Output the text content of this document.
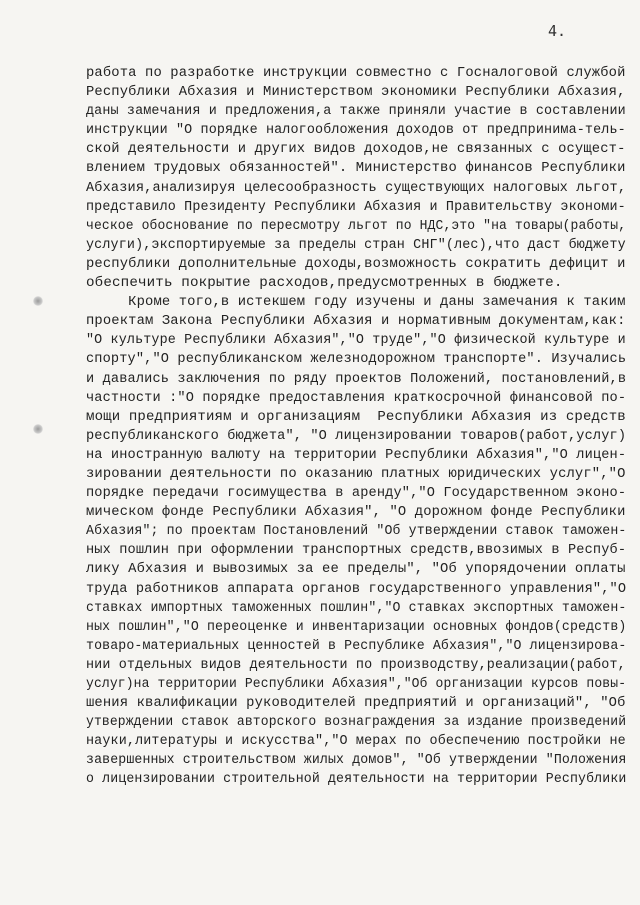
4.
работа по разработке инструкции совместно с Госналоговой службой
Республики Абхазия и Министерством экономики Республики Абхазия,
даны замечания и предложения,а также приняли участие в составлении
инструкции "О порядке налогообложения доходов от предпринима-тель-
ской деятельности и других видов доходов,не связанных с осущест-
влением трудовых обязанностей". Министерство финансов Республики
Абхазия,анализируя целесообразность существующих налоговых льгот,
представило Президенту Республики Абхазия и Правительству экономи-
ческое обоснование по пересмотру льгот по НДС,это "на товары(работы,
услуги),экспортируемые за пределы стран СНГ"(лес),что даст бюджету
республики дополнительные доходы,возможность сократить дефицит и
обеспечить покрытие расходов,предусмотренных в бюджете.
Кроме того,в истекшем году изучены и даны замечания к таким
проектам Закона Республики Абхазия и нормативным документам,как:
"О культуре Республики Абхазия","О труде","О физической культуре и
спорту","О республиканском железнодорожном транспорте". Изучались
и давались заключения по ряду проектов Положений, постановлений,в
частности :"О порядке предоставления краткосрочной финансовой по-
мощи предприятиям и организациям  Республики Абхазия из средств
республиканского бюджета", "О лицензировании товаров(работ,услуг)
на иностранную валюту на территории Республики Абхазия","О лицен-
зировании деятельности по оказанию платных юридических услуг","О
порядке передачи госимущества в аренду","О Государственном эконо-
мическом фонде Республики Абхазия", "О дорожном фонде Республики
Абхазия"; по проектам Постановлений "Об утверждении ставок таможен-
ных пошлин при оформлении транспортных средств,ввозимых в Респуб-
лику Абхазия и вывозимых за ее пределы", "Об упорядочении оплаты
труда работников аппарата органов государственного управления","О
ставках импортных таможенных пошлин","О ставках экспортных таможен-
ных пошлин","О переоценке и инвентаризации основных фондов(средств)
товаро-материальных ценностей в Республике Абхазия","О лицензирова-
нии отдельных видов деятельности по производству,реализации(работ,
услуг)на территории Республики Абхазия","Об организации курсов повы-
шения квалификации руководителей предприятий и организаций", "Об
утверждении ставок авторского вознаграждения за издание произведений
науки,литературы и искусства","О мерах по обеспечению постройки не
завершенных строительством жилых домов", "Об утверждении "Положения
о лицензировании строительной деятельности на территории Республики
